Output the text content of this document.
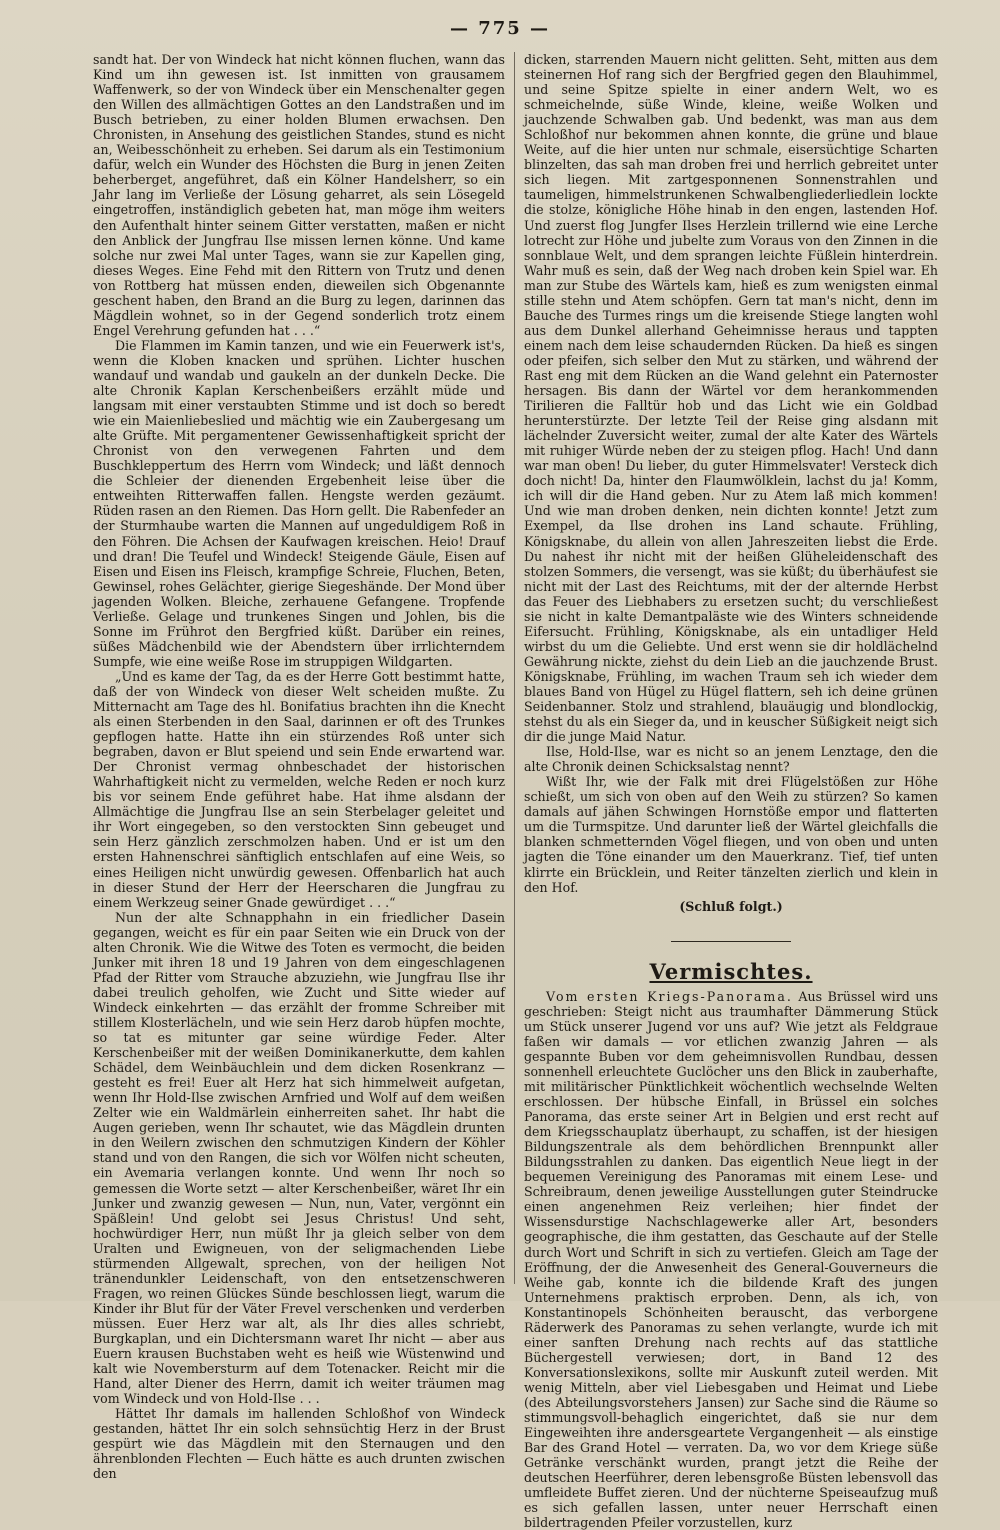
— 775 —

sandt hat. Der von Windeck hat nicht können fluchen, wann das Kind um ihn gewesen ist. Ist inmitten von grausamem Waffenwerk, so der von Windeck über ein Menschenalter gegen den Willen des allmächtigen Gottes an den Landstraßen und im Busch betrieben, zu einer holden Blumen erwachsen. Den Chronisten, in Ansehung des geistlichen Standes, stund es nicht an, Weibesschönheit zu erheben. Sei darum als ein Testimonium dafür, welch ein Wunder des Höchsten die Burg in jenen Zeiten beherberget, angeführet, daß ein Kölner Handelsherr, so ein Jahr lang im Verließe der Lösung geharret, als sein Lösegeld eingetroffen, inständiglich gebeten hat, man möge ihm weiters den Aufenthalt hinter seinem Gitter verstatten, maßen er nicht den Anblick der Jungfrau Ilse missen lernen könne. Und kame solche nur zwei Mal unter Tages, wann sie zur Kapellen ging, dieses Weges. Eine Fehd mit den Rittern von Trutz und denen von Rottberg hat müssen enden, dieweilen sich Obgenannte geschent haben, den Brand an die Burg zu legen, darinnen das Mägdlein wohnet, so in der Gegend sonderlich trotz einem Engel Verehrung gefunden hat . . .“

Die Flammen im Kamin tanzen, und wie ein Feuerwerk ist's, wenn die Kloben knacken und sprühen. Lichter huschen wandauf und wandab und gaukeln an der dunkeln Decke. Die alte Chronik Kaplan Kerschenbeißers erzählt müde und langsam mit einer verstaubten Stimme und ist doch so beredt wie ein Maienliebeslied und mächtig wie ein Zaubergesang um alte Grüfte. Mit pergamentener Gewissenhaftigkeit spricht der Chronist von den verwegenen Fahrten und dem Buschkleppertum des Herrn vom Windeck; und läßt dennoch die Schleier der dienenden Ergebenheit leise über die entweihten Ritterwaffen fallen. Hengste werden gezäumt. Rüden rasen an den Riemen. Das Horn gellt. Die Rabenfeder an der Sturmhaube warten die Mannen auf ungeduldigem Roß in den Föhren. Die Achsen der Kaufwagen kreischen. Heio! Drauf und dran! Die Teufel und Windeck! Steigende Gäule, Eisen auf Eisen und Eisen ins Fleisch, krampfige Schreie, Fluchen, Beten, Gewinsel, rohes Gelächter, gierige Siegeshände. Der Mond über jagenden Wolken. Bleiche, zerhauene Gefangene. Tropfende Verließe. Gelage und trunkenes Singen und Johlen, bis die Sonne im Frührot den Bergfried küßt. Darüber ein reines, süßes Mädchenbild wie der Abendstern über irrlichterndem Sumpfe, wie eine weiße Rose im struppigen Wildgarten.

„Und es kame der Tag, da es der Herre Gott bestimmt hatte, daß der von Windeck von dieser Welt scheiden mußte. Zu Mitternacht am Tage des hl. Bonifatius brachten ihn die Knecht als einen Sterbenden in den Saal, darinnen er oft des Trunkes gepflogen hatte. Hatte ihn ein stürzendes Roß unter sich begraben, davon er Blut speiend und sein Ende erwartend war. Der Chronist vermag ohnbeschadet der historischen Wahrhaftigkeit nicht zu vermelden, welche Reden er noch kurz bis vor seinem Ende geführet habe. Hat ihme alsdann der Allmächtige die Jungfrau Ilse an sein Sterbelager geleitet und ihr Wort eingegeben, so den verstockten Sinn gebeuget und sein Herz gänzlich zerschmolzen haben. Und er ist um den ersten Hahnenschrei sänftiglich entschlafen auf eine Weis, so eines Heiligen nicht unwürdig gewesen. Offenbarlich hat auch in dieser Stund der Herr der Heerscharen die Jungfrau zu einem Werkzeug seiner Gnade gewürdiget . . .“

Nun der alte Schnapphahn in ein friedlicher Dasein gegangen, weicht es für ein paar Seiten wie ein Druck von der alten Chronik. Wie die Witwe des Toten es vermocht, die beiden Junker mit ihren 18 und 19 Jahren von dem eingeschlagenen Pfad der Ritter vom Strauche abzuziehn, wie Jungfrau Ilse ihr dabei treulich geholfen, wie Zucht und Sitte wieder auf Windeck einkehrten — das erzählt der fromme Schreiber mit stillem Klosterlächeln, und wie sein Herz darob hüpfen mochte, so tat es mitunter gar seine würdige Feder. Alter Kerschenbeißer mit der weißen Dominikanerkutte, dem kahlen Schädel, dem Weinbäuchlein und dem dicken Rosenkranz — gesteht es frei! Euer alt Herz hat sich himmelweit aufgetan, wenn Ihr Hold-Ilse zwischen Arnfried und Wolf auf dem weißen Zelter wie ein Waldmärlein einherreiten sahet. Ihr habt die Augen gerieben, wenn Ihr schautet, wie das Mägdlein drunten in den Weilern zwischen den schmutzigen Kindern der Köhler stand und von den Rangen, die sich vor Wölfen nicht scheuten, ein Avemaria verlangen konnte. Und wenn Ihr noch so gemessen die Worte setzt — alter Kerschenbeißer, wäret Ihr ein Junker und zwanzig gewesen — Nun, nun, Vater, vergönnt ein Späßlein! Und gelobt sei Jesus Christus! Und seht, hochwürdiger Herr, nun müßt Ihr ja gleich selber von dem Uralten und Ewigneuen, von der seligmachenden Liebe stürmenden Allgewalt, sprechen, von der heiligen Not tränendunkler Leidenschaft, von den entsetzenschweren Fragen, wo reinen Glückes Sünde beschlossen liegt, warum die Kinder ihr Blut für der Väter Frevel verschenken und verderben müssen. Euer Herz war alt, als Ihr dies alles schriebt, Burgkaplan, und ein Dichtersmann waret Ihr nicht — aber aus Euern krausen Buchstaben weht es heiß wie Wüstenwind und kalt wie Novembersturm auf dem Totenacker. Reicht mir die Hand, alter Diener des Herrn, damit ich weiter träumen mag vom Windeck und von Hold-Ilse . . .

Hättet Ihr damals im hallenden Schloßhof von Windeck gestanden, hättet Ihr ein solch sehnsüchtig Herz in der Brust gespürt wie das Mägdlein mit den Sternaugen und den ährenblonden Flechten — Euch hätte es auch drunten zwischen den

dicken, starrenden Mauern nicht gelitten. Seht, mitten aus dem steinernen Hof rang sich der Bergfried gegen den Blauhimmel, und seine Spitze spielte in einer andern Welt, wo es schmeichelnde, süße Winde, kleine, weiße Wolken und jauchzende Schwalben gab. Und bedenkt, was man aus dem Schloßhof nur bekommen ahnen konnte, die grüne und blaue Weite, auf die hier unten nur schmale, eisersüchtige Scharten blinzelten, das sah man droben frei und herrlich gebreitet unter sich liegen. Mit zartgesponnenen Sonnenstrahlen und taumeligen, himmelstrunkenen Schwalbengliederliedlein lockte die stolze, königliche Höhe hinab in den engen, lastenden Hof. Und zuerst flog Jungfer Ilses Herzlein trillernd wie eine Lerche lotrecht zur Höhe und jubelte zum Voraus von den Zinnen in die sonnblaue Welt, und dem sprangen leichte Füßlein hinterdrein. Wahr muß es sein, daß der Weg nach droben kein Spiel war. Eh man zur Stube des Wärtels kam, hieß es zum wenigsten einmal stille stehn und Atem schöpfen. Gern tat man's nicht, denn im Bauche des Turmes rings um die kreisende Stiege langten wohl aus dem Dunkel allerhand Geheimnisse heraus und tappten einem nach dem leise schaudernden Rücken. Da hieß es singen oder pfeifen, sich selber den Mut zu stärken, und während der Rast eng mit dem Rücken an die Wand gelehnt ein Paternoster hersagen. Bis dann der Wärtel vor dem herankommenden Tirilieren die Falltür hob und das Licht wie ein Goldbad herunterstürzte. Der letzte Teil der Reise ging alsdann mit lächelnder Zuversicht weiter, zumal der alte Kater des Wärtels mit ruhiger Würde neben der zu steigen pflog. Hach! Und dann war man oben! Du lieber, du guter Himmelsvater! Versteck dich doch nicht! Da, hinter den Flaumwölklein, lachst du ja! Komm, ich will dir die Hand geben. Nur zu Atem laß mich kommen! Und wie man droben denken, nein dichten konnte! Jetzt zum Exempel, da Ilse drohen ins Land schaute. Frühling, Königsknabe, du allein von allen Jahreszeiten liebst die Erde. Du nahest ihr nicht mit der heißen Glüheleidenschaft des stolzen Sommers, die versengt, was sie küßt; du überhäufest sie nicht mit der Last des Reichtums, mit der der alternde Herbst das Feuer des Liebhabers zu ersetzen sucht; du verschließest sie nicht in kalte Demantpaläste wie des Winters schneidende Eifersucht. Frühling, Königsknabe, als ein untadliger Held wirbst du um die Geliebte. Und erst wenn sie dir holdlächelnd Gewährung nickte, ziehst du dein Lieb an die jauchzende Brust. Königsknabe, Frühling, im wachen Traum seh ich wieder dem blaues Band von Hügel zu Hügel flattern, seh ich deine grünen Seidenbanner. Stolz und strahlend, blauäugig und blondlockig, stehst du als ein Sieger da, und in keuscher Süßigkeit neigt sich dir die junge Maid Natur.

Ilse, Hold-Ilse, war es nicht so an jenem Lenztage, den die alte Chronik deinen Schicksalstag nennt?

Wißt Ihr, wie der Falk mit drei Flügelstößen zur Höhe schießt, um sich von oben auf den Weih zu stürzen? So kamen damals auf jähen Schwingen Hornstöße empor und flatterten um die Turmspitze. Und darunter ließ der Wärtel gleichfalls die blanken schmetternden Vögel fliegen, und von oben und unten jagten die Töne einander um den Mauerkranz. Tief, tief unten klirrte ein Brücklein, und Reiter tänzelten zierlich und klein in den Hof.

(Schluß folgt.)

Vermischtes.

Vom ersten Kriegs-Panorama. Aus Brüssel wird uns geschrieben: Steigt nicht aus traumhafter Dämmerung Stück um Stück unserer Jugend vor uns auf? Wie jetzt als Feldgraue faßen wir damals — vor etlichen zwanzig Jahren — als gespannte Buben vor dem geheimnisvollen Rundbau, dessen sonnenhell erleuchtete Guclöcher uns den Blick in zauberhafte, mit militärischer Pünktlichkeit wöchentlich wechselnde Welten erschlossen. Der hübsche Einfall, in Brüssel ein solches Panorama, das erste seiner Art in Belgien und erst recht auf dem Kriegsschauplatz überhaupt, zu schaffen, ist der hiesigen Bildungszentrale als dem behördlichen Brennpunkt aller Bildungsstrahlen zu danken. Das eigentlich Neue liegt in der bequemen Vereinigung des Panoramas mit einem Lese- und Schreibraum, denen jeweilige Ausstellungen guter Steindrucke einen angenehmen Reiz verleihen; hier findet der Wissensdurstige Nachschlagewerke aller Art, besonders geographische, die ihm gestatten, das Geschaute auf der Stelle durch Wort und Schrift in sich zu vertiefen. Gleich am Tage der Eröffnung, der die Anwesenheit des General-Gouverneurs die Weihe gab, konnte ich die bildende Kraft des jungen Unternehmens praktisch erproben. Denn, als ich, von Konstantinopels Schönheiten berauscht, das verborgene Räderwerk des Panoramas zu sehen verlangte, wurde ich mit einer sanften Drehung nach rechts auf das stattliche Büchergestell verwiesen; dort, in Band 12 des Konversationslexikons, sollte mir Auskunft zuteil werden. Mit wenig Mitteln, aber viel Liebesgaben und Heimat und Liebe (des Abteilungsvorstehers Jansen) zur Sache sind die Räume so stimmungsvoll-behaglich eingerichtet, daß sie nur dem Eingeweihten ihre andersgeartete Vergangenheit — als einstige Bar des Grand Hotel — verraten. Da, wo vor dem Kriege süße Getränke verschänkt wurden, prangt jetzt die Reihe der deutschen Heerführer, deren lebensgroße Büsten lebensvoll das umfleidete Buffet zieren. Und der nüchterne Speiseaufzug muß es sich gefallen lassen, unter neuer Herrschaft einen bildertragenden Pfeiler vorzustellen, kurz
